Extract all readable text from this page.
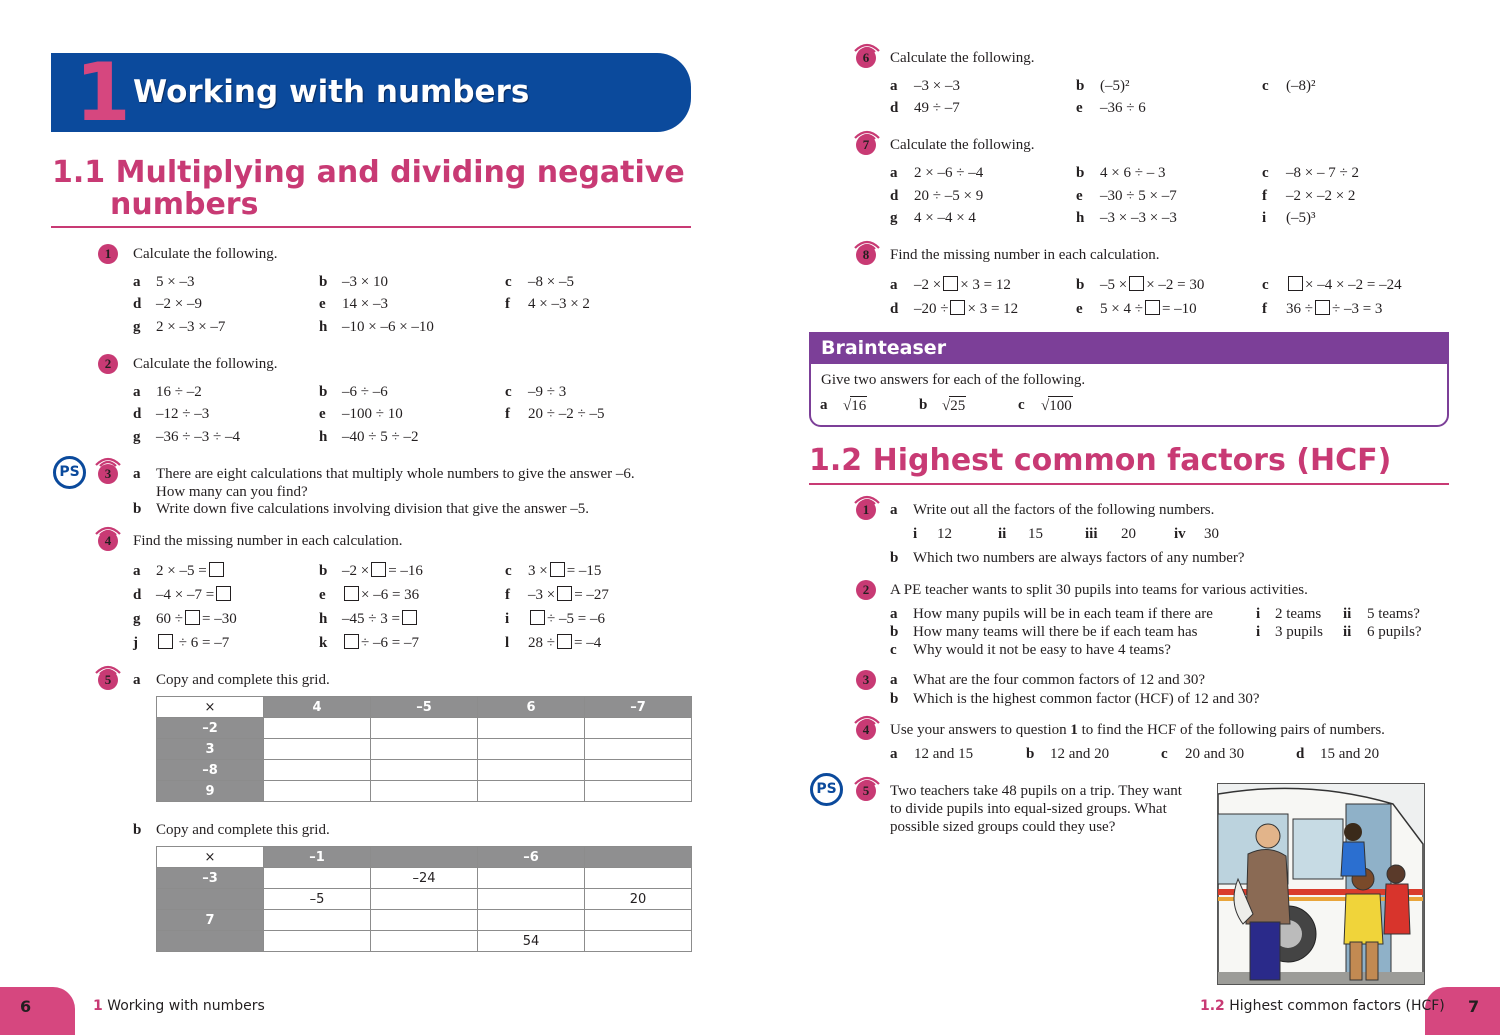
1 Working with numbers
1.1 Multiplying and dividing negative
numbers
1	Calculate the following.
a 5 × –3	b –3 × 10	c –8 × –5
d –2 × –9	e 14 × –3	f 4 × –3 × 2
g 2 × –3 × –7	h –10 × –6 × –10
2	Calculate the following.
a 16 ÷ –2	b –6 ÷ –6	c –9 ÷ 3
d –12 ÷ –3	e –100 ÷ 10	f 20 ÷ –2 ÷ –5
g –36 ÷ –3 ÷ –4	h –40 ÷ 5 ÷ –2
PS	3	a There are eight calculations that multiply whole numbers to give the answer –6.
How many can you find?
b Write down five calculations involving division that give the answer –5.
4	Find the missing number in each calculation.
a 2 × –5 =	b –2 × = –16	c 3 × = –15
d –4 × –7 =	e	× –6 = 36	f –3 × = –27
g 60 ÷ = –30	h –45 ÷ 3 =	i	÷ –5 = –6
j	÷ 6 = –7	k	÷ –6 = –7	l 28 ÷ = –4
5	a Copy and complete this grid.
×	4	–5	6	–7
–2				
3				
–8				
9				
b Copy and complete this grid.
×	–1		–6	
–3		–24		
	–5			20
7				
			54	
6	1 Working with numbers
6	Calculate the following.
a –3 × –3	b (–5)²	c (–8)²
d 49 ÷ –7	e –36 ÷ 6
7	Calculate the following.
a 2 × –6 ÷ –4	b 4 × 6 ÷ – 3	c –8 × – 7 ÷ 2
d 20 ÷ –5 × 9	e –30 ÷ 5 × –7	f –2 × –2 × 2
g 4 × –4 × 4	h –3 × –3 × –3	i (–5)³
8	Find the missing number in each calculation.
a –2 × × 3 = 12	b –5 × × –2 = 30	c	× –4 × –2 = –24
d –20 ÷ × 3 = 12	e 5 × 4 ÷ = –10	f 36 ÷ ÷ –3 = 3
Brainteaser
Give two answers for each of the following.
a √16	b √25	c √100
1.2 Highest common factors (HCF)
1	a Write out all the factors of the following numbers.
i 12	ii 15	iii 20	iv 30
b Which two numbers are always factors of any number?
2	A PE teacher wants to split 30 pupils into teams for various activities.
a How many pupils will be in each team if there are	i 2 teams ii 5 teams?
b How many teams will there be if each team has	i 3 pupils ii 6 pupils?
c Why would it not be easy to have 4 teams?
3	a What are the four common factors of 12 and 30?
b Which is the highest common factor (HCF) of 12 and 30?
4	Use your answers to question 1 to find the HCF of the following pairs of numbers.
a 12 and 15	b 12 and 20	c 20 and 30	d 15 and 20
PS	5	Two teachers take 48 pupils on a trip. They want
to divide pupils into equal-sized groups. What
possible sized groups could they use?
7
1.2 Highest common factors (HCF)
